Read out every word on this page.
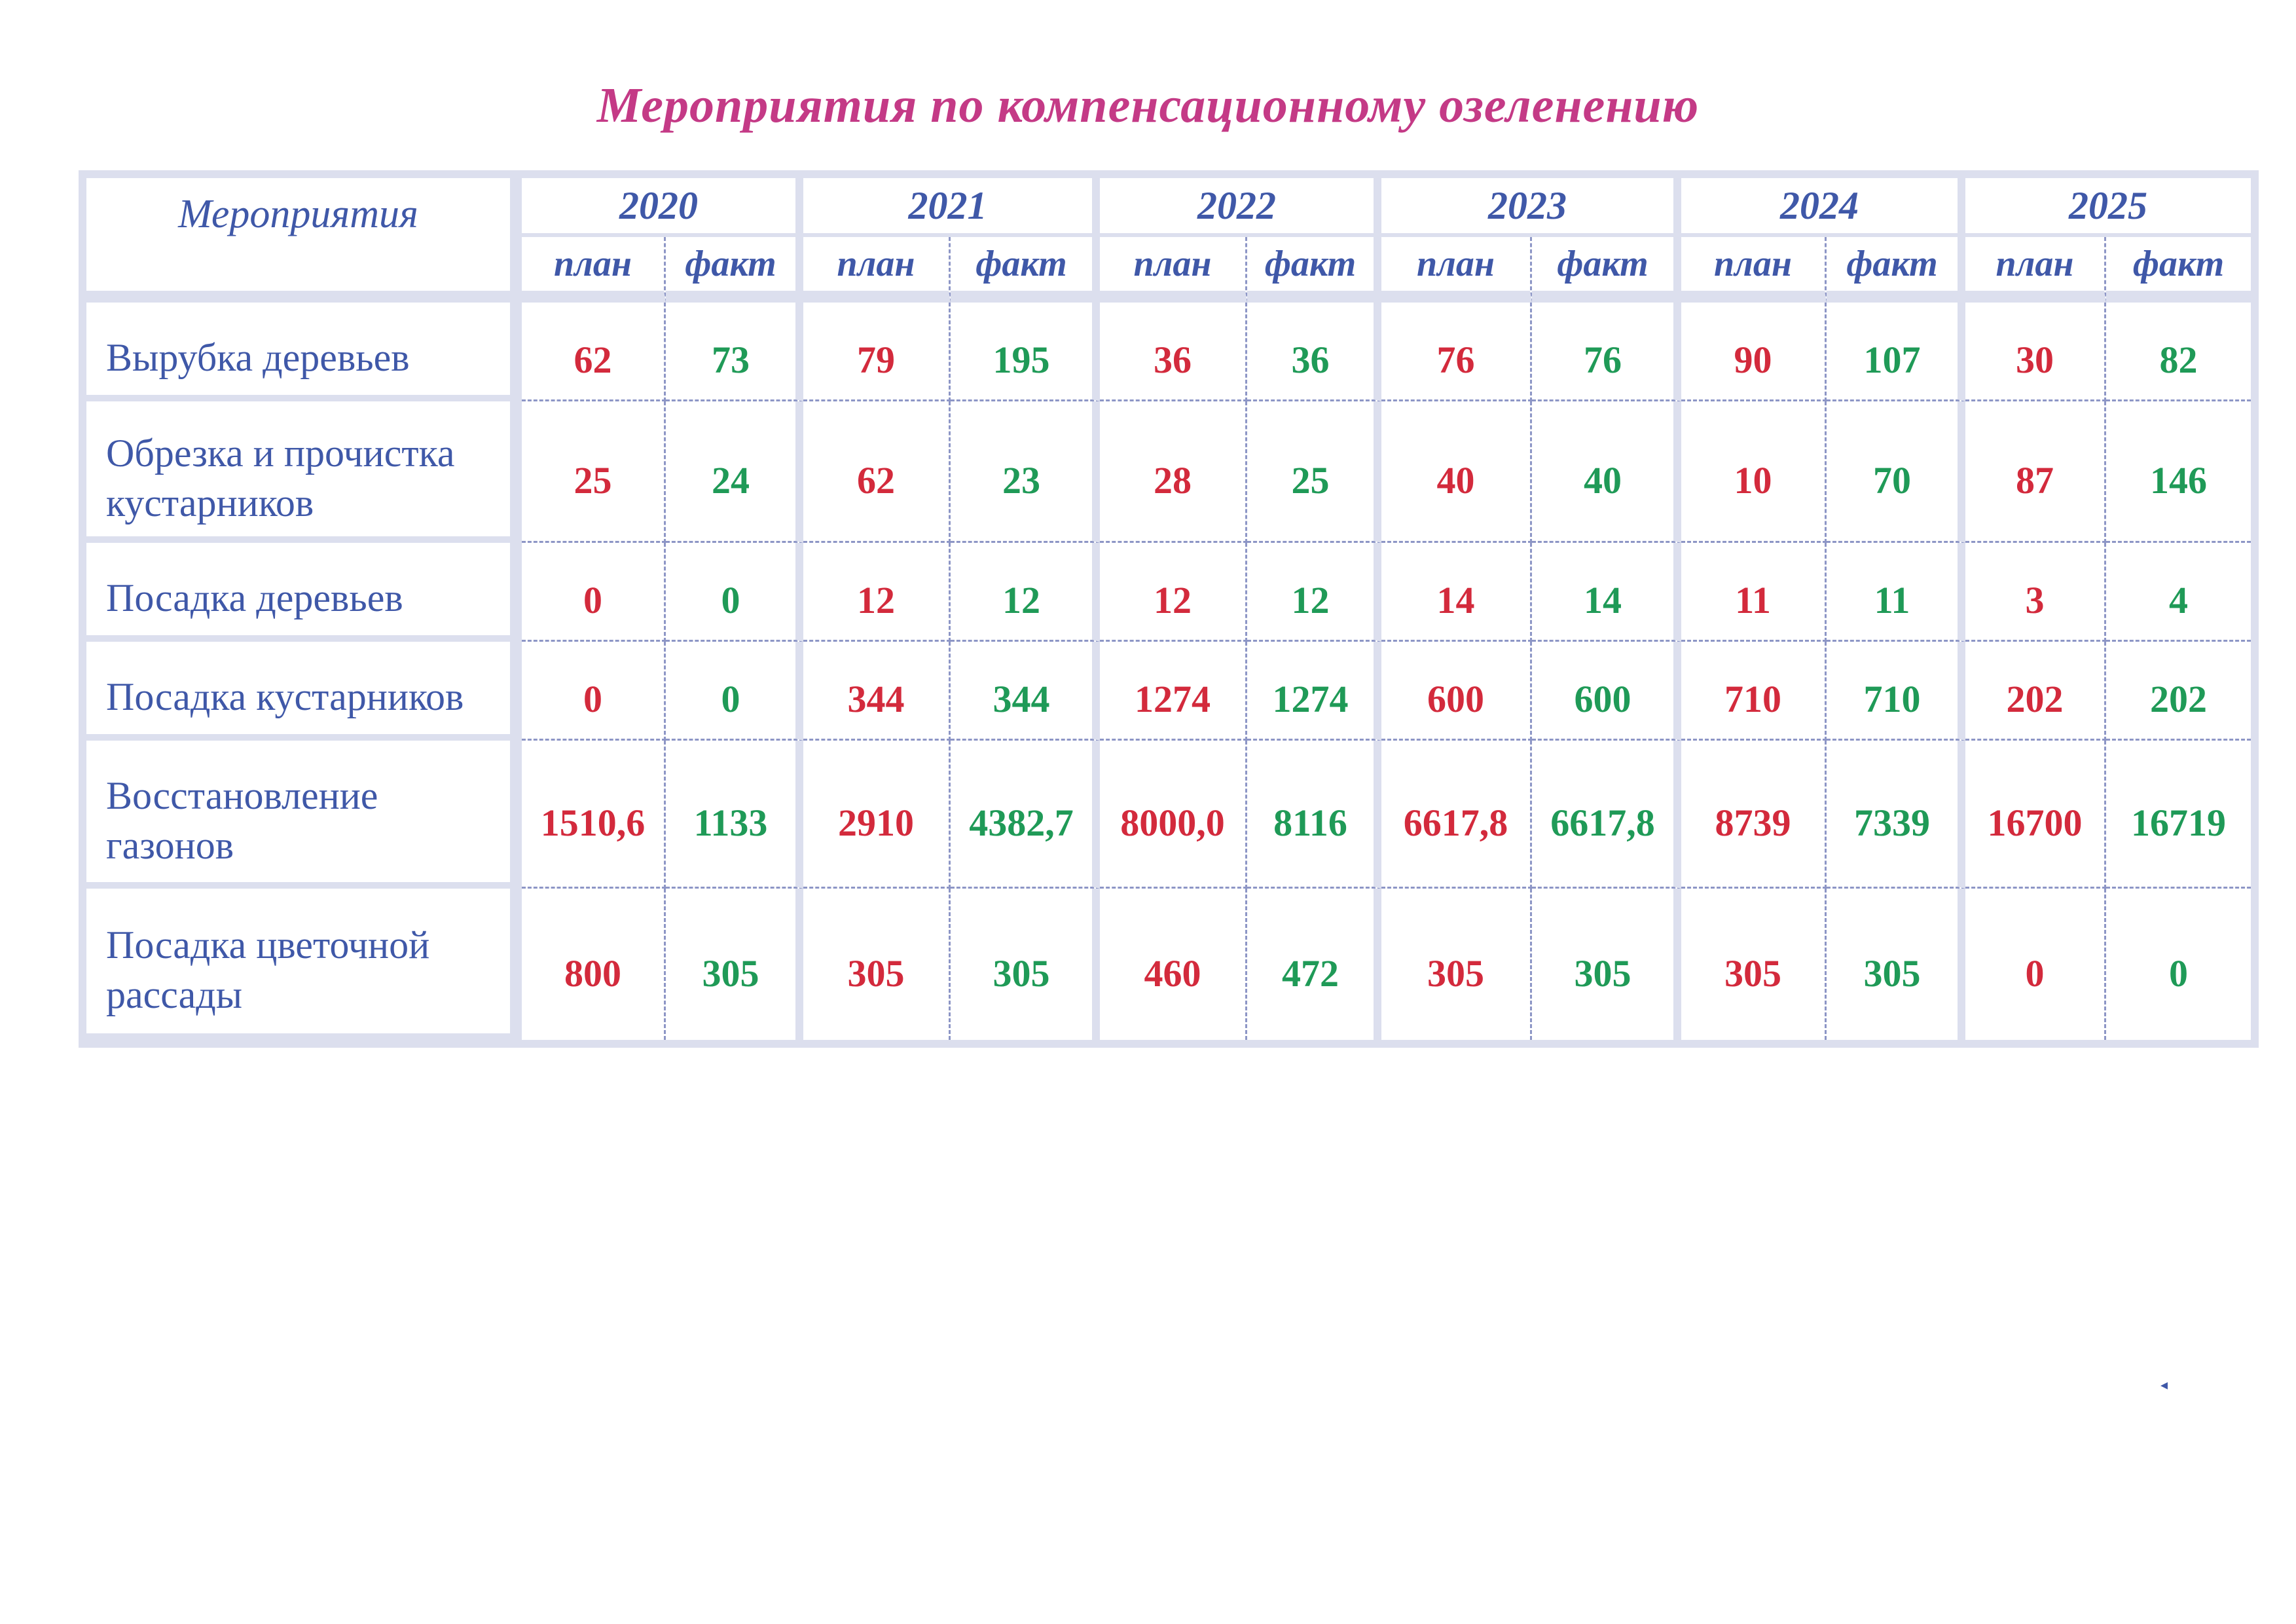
Мероприятия по компенсационному озеленению
Мероприятия	2020		2021		2022		2023		2024		2025	
	план	факт	план	факт	план	факт	план	факт	план	факт	план	факт

Вырубка деревьев	62	73	79	195	36	36	76	76	90	107	30	82

Обрезка и прочистка
кустарников	25	24	62	23	28	25	40	40	10	70	87	146

Посадка деревьев	0	0	12	12	12	12	14	14	11	11	3	4

Посадка кустарников	0	0	344	344	1274	1274	600	600	710	710	202	202

Восстановление
газонов	1510,6	1133	2910	4382,7	8000,0	8116	6617,8	6617,8	8739	7339	16700	16719

Посадка цветочной
рассады	800	305	305	305	460	472	305	305	305	305	0	0
◂
